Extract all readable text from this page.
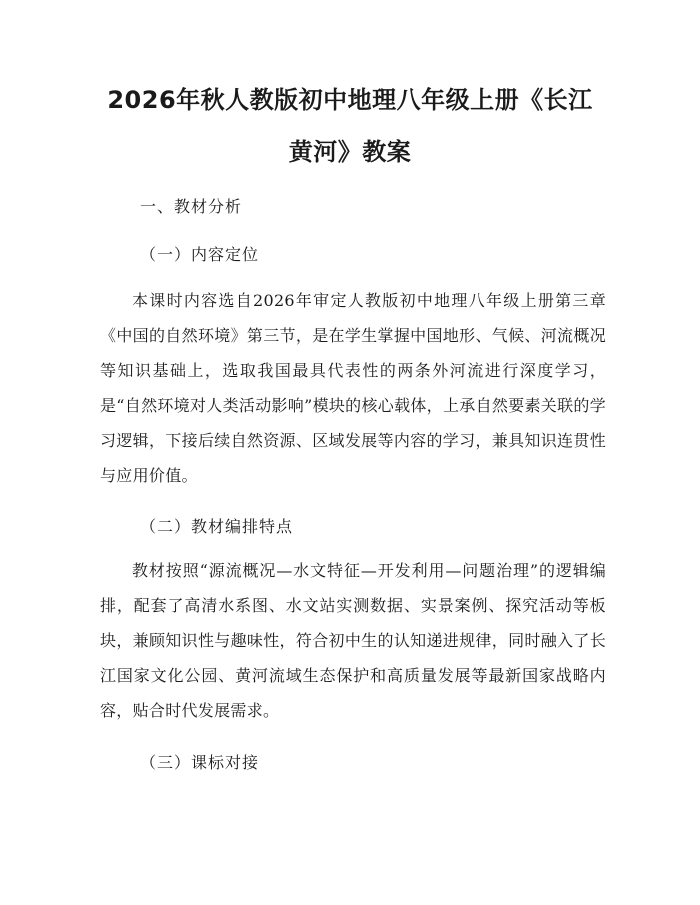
2026年秋人教版初中地理八年级上册《长江
黄河》教案

一、教材分析

（一）内容定位

本课时内容选自2026年审定人教版初中地理八年级上册第三章《中国的自然环境》第三节，是在学生掌握中国地形、气候、河流概况等知识基础上，选取我国最具代表性的两条外河流进行深度学习，是“自然环境对人类活动影响”模块的核心载体，上承自然要素关联的学习逻辑，下接后续自然资源、区域发展等内容的学习，兼具知识连贯性与应用价值。

（二）教材编排特点

教材按照“源流概况—水文特征—开发利用—问题治理”的逻辑编排，配套了高清水系图、水文站实测数据、实景案例、探究活动等板块，兼顾知识性与趣味性，符合初中生的认知递进规律，同时融入了长江国家文化公园、黄河流域生态保护和高质量发展等最新国家战略内容，贴合时代发展需求。

（三）课标对接
